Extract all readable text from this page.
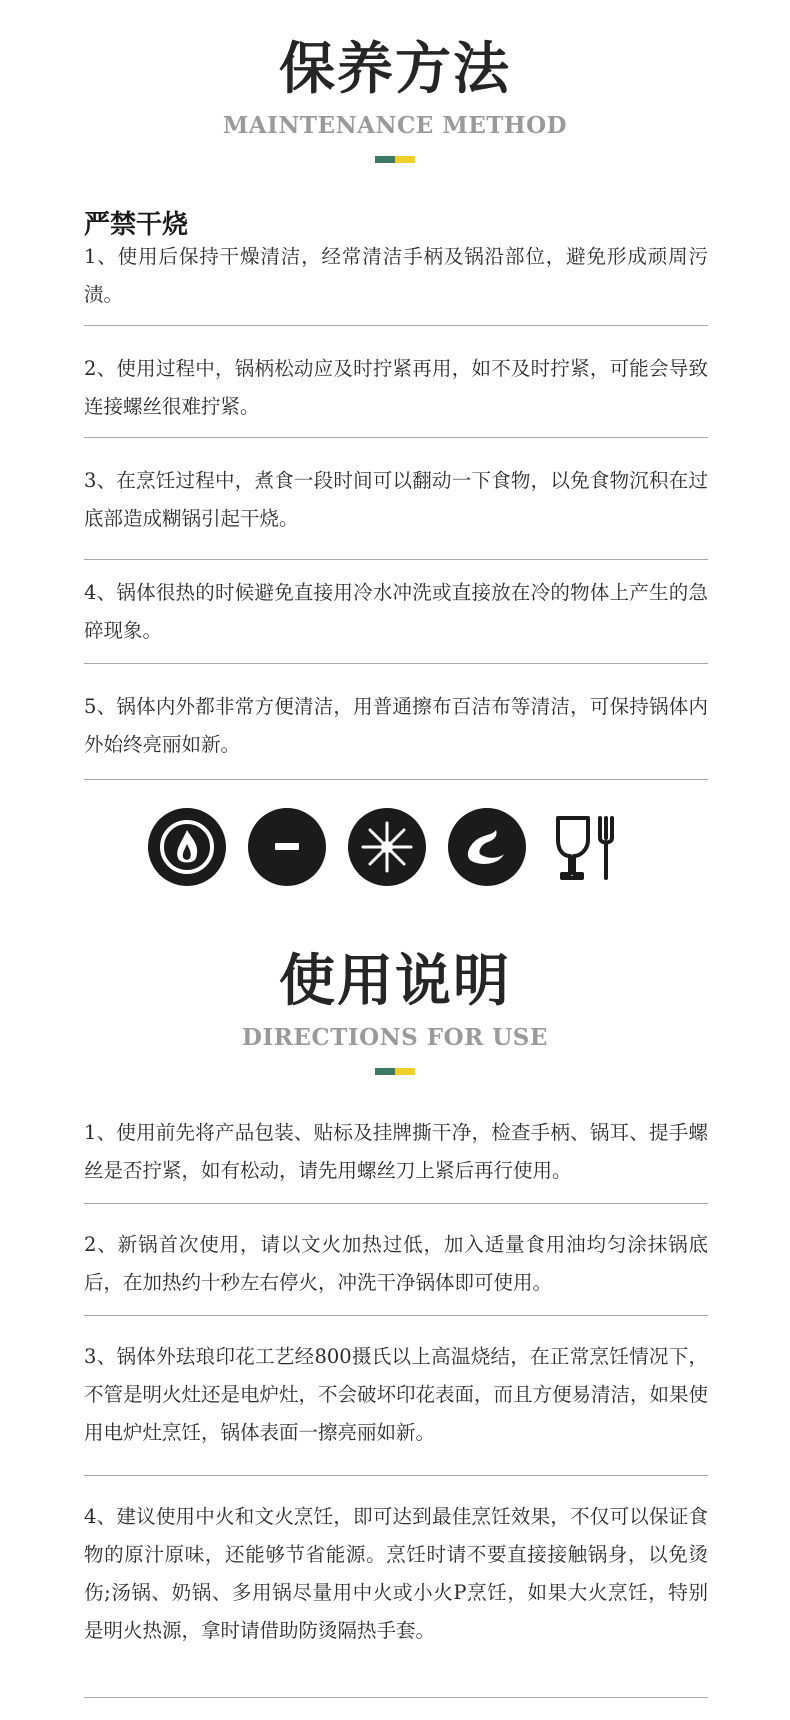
保养方法
MAINTENANCE METHOD
严禁干烧

1、使用后保持干燥清洁，经常清洁手柄及锅沿部位，避免形成顽周污渍。

2、使用过程中，锅柄松动应及时拧紧再用，如不及时拧紧，可能会导致连接螺丝很难拧紧。

3、在烹饪过程中，煮食一段时间可以翻动一下食物，以免食物沉积在过底部造成糊锅引起干烧。

4、锅体很热的时候避免直接用冷水冲洗或直接放在冷的物体上产生的急碎现象。

5、锅体内外都非常方便清洁，用普通擦布百洁布等清洁，可保持锅体内外始终亮丽如新。

使用说明
DIRECTIONS FOR USE

1、使用前先将产品包装、贴标及挂牌撕干净，检查手柄、锅耳、提手螺丝是否拧紧，如有松动，请先用螺丝刀上紧后再行使用。

2、新锅首次使用，请以文火加热过低，加入适量食用油均匀涂抹锅底后，在加热约十秒左右停火，冲洗干净锅体即可使用。

3、锅体外珐琅印花工艺经800摄氏以上高温烧结，在正常烹饪情况下，不管是明火灶还是电炉灶，不会破坏印花表面，而且方便易清洁，如果使用电炉灶烹饪，锅体表面一擦亮丽如新。

4、建议使用中火和文火烹饪，即可达到最佳烹饪效果，不仅可以保证食物的原汁原味，还能够节省能源。烹饪时请不要直接接触锅身，以免烫伤;汤锅、奶锅、多用锅尽量用中火或小火P烹饪，如果大火烹饪，特别是明火热源，拿时请借助防烫隔热手套。
